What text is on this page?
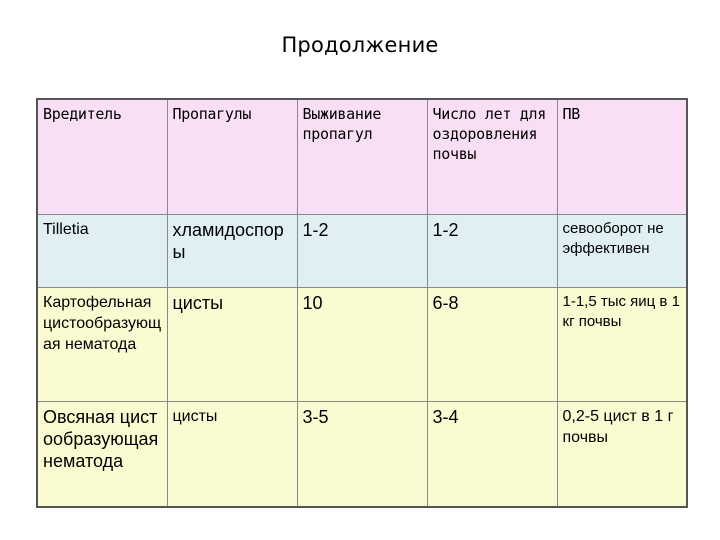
Продолжение
Вредитель	Пропагулы	Выживание пропагул	Число лет для оздоровления почвы	ПВ
Tilletia	хламидоспоры	1-2	1-2	севооборот не эффективен
Картофельная цистообразующая нематода	цисты	10	6-8	1-1,5 тыс яиц в 1 кг почвы
Овсяная цистообразующая нематода	цисты	3-5	3-4	0,2-5 цист в 1 г почвы
